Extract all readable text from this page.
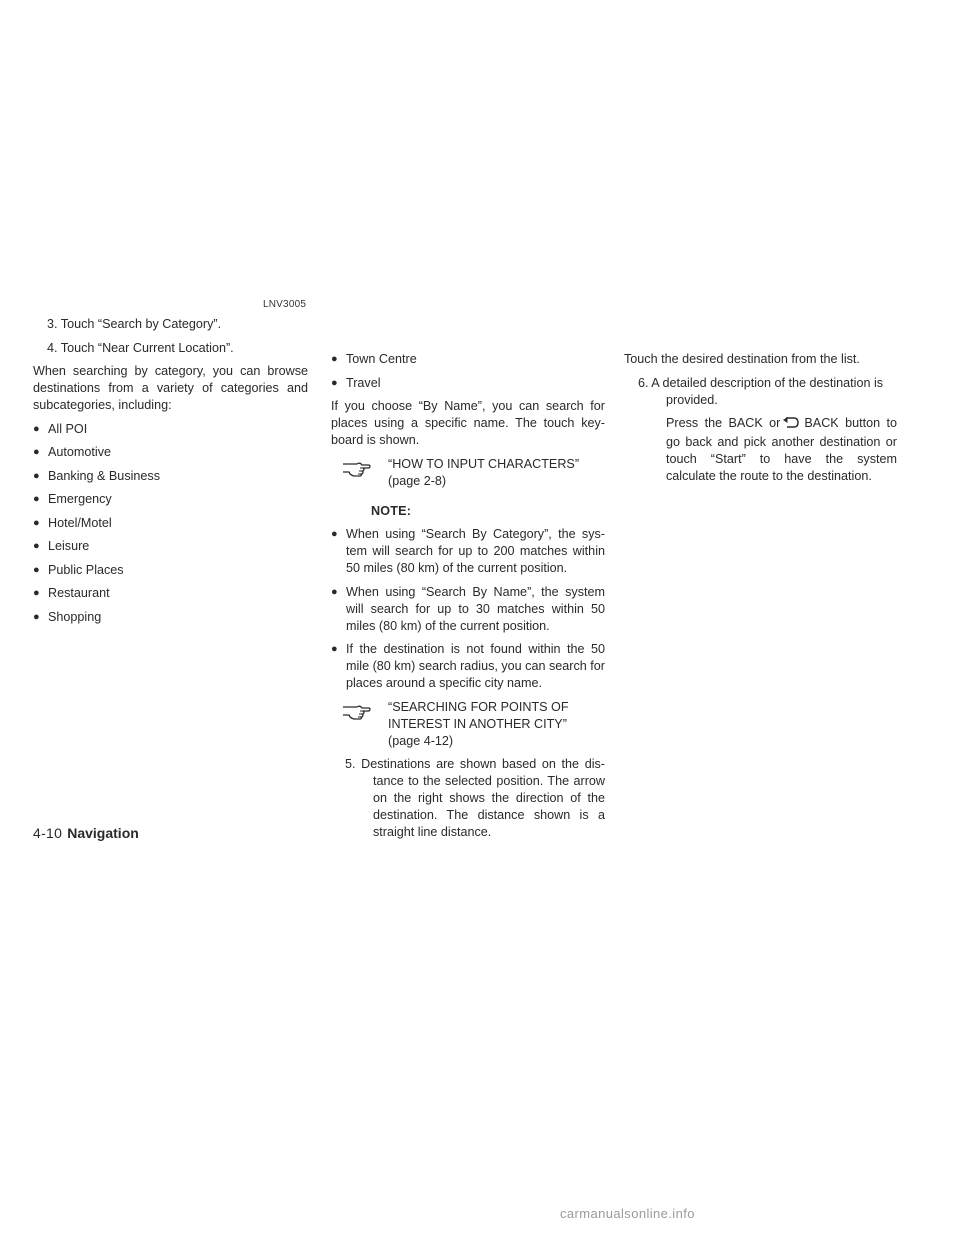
LNV3005

3. Touch “Search by Category”.

4. Touch “Near Current Location”.

When searching by category, you can browse destinations from a variety of categories and subcategories, including:

● All POI

● Automotive

● Banking & Business

● Emergency

● Hotel/Motel

● Leisure

● Public Places

● Restaurant

● Shopping

● Town Centre

● Travel

If you choose “By Name”, you can search for places using a specific name. The touch key-board is shown.

“HOW TO INPUT CHARACTERS”

(page 2-8)

NOTE:

● When using “Search By Category”, the sys-tem will search for up to 200 matches within 50 miles (80 km) of the current position.

● When using “Search By Name”, the system will search for up to 30 matches within 50 miles (80 km) of the current position.

● If the destination is not found within the 50 mile (80 km) search radius, you can search for places around a specific city name.

“SEARCHING FOR POINTS OF

INTEREST IN ANOTHER CITY”

(page 4-12)

5. Destinations are shown based on the dis-tance to the selected position. The arrow on the right shows the direction of the destination. The distance shown is a straight line distance.

Touch the desired destination from the list.

6. A detailed description of the destination is provided.

Press the BACK or BACK button to go back and pick another destination or touch “Start” to have the system calculate the route to the destination.

4-10 Navigation
carmanualsonline.info
